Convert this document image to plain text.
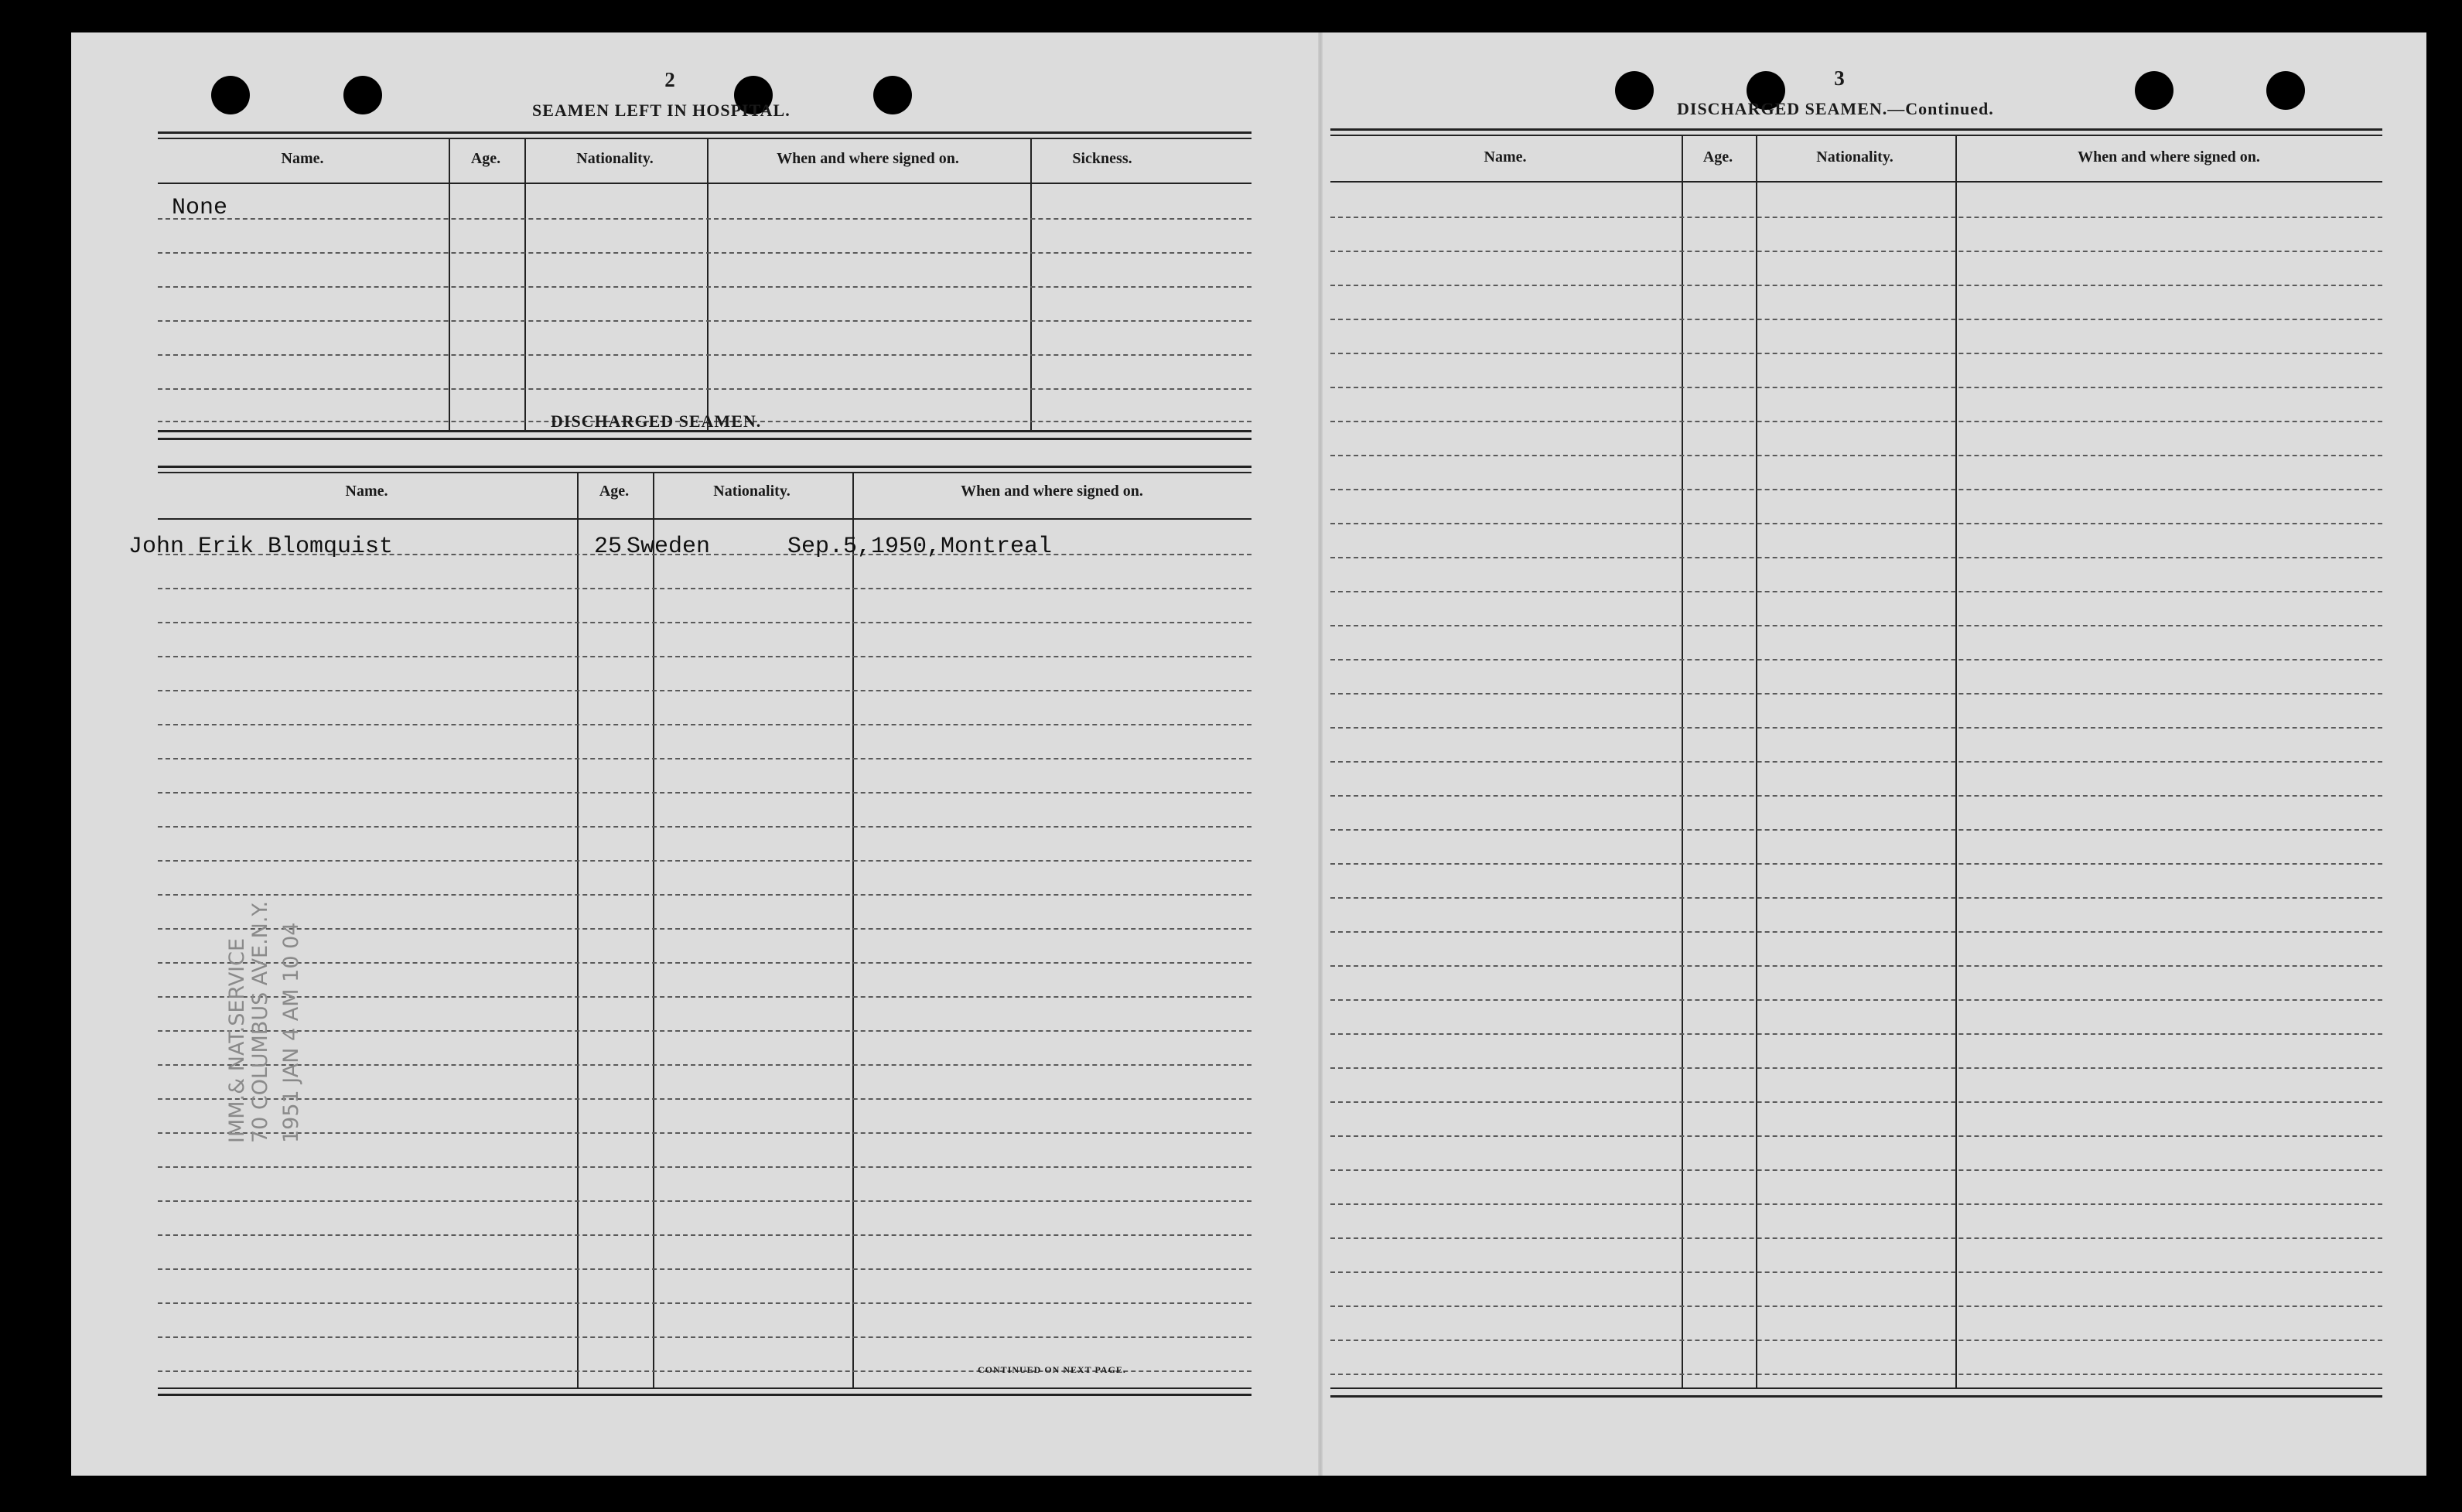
2
SEAMEN LEFT IN HOSPITAL.
Name.	Age.	Nationality.	When and where signed on.	Sickness.
None
DISCHARGED SEAMEN.
Name.	Age.	Nationality.	When and where signed on.
John Erik Blomquist	25 Sweden	Sep.5,1950,Montreal
CONTINUED ON NEXT PAGE.
IMM.& NAT.SERVICE 70 COLUMBUS AVE.N.Y. 1951 JAN 4 AM 10 04
3
DISCHARGED SEAMEN.—Continued.
Name.	Age.	Nationality.	When and where signed on.
